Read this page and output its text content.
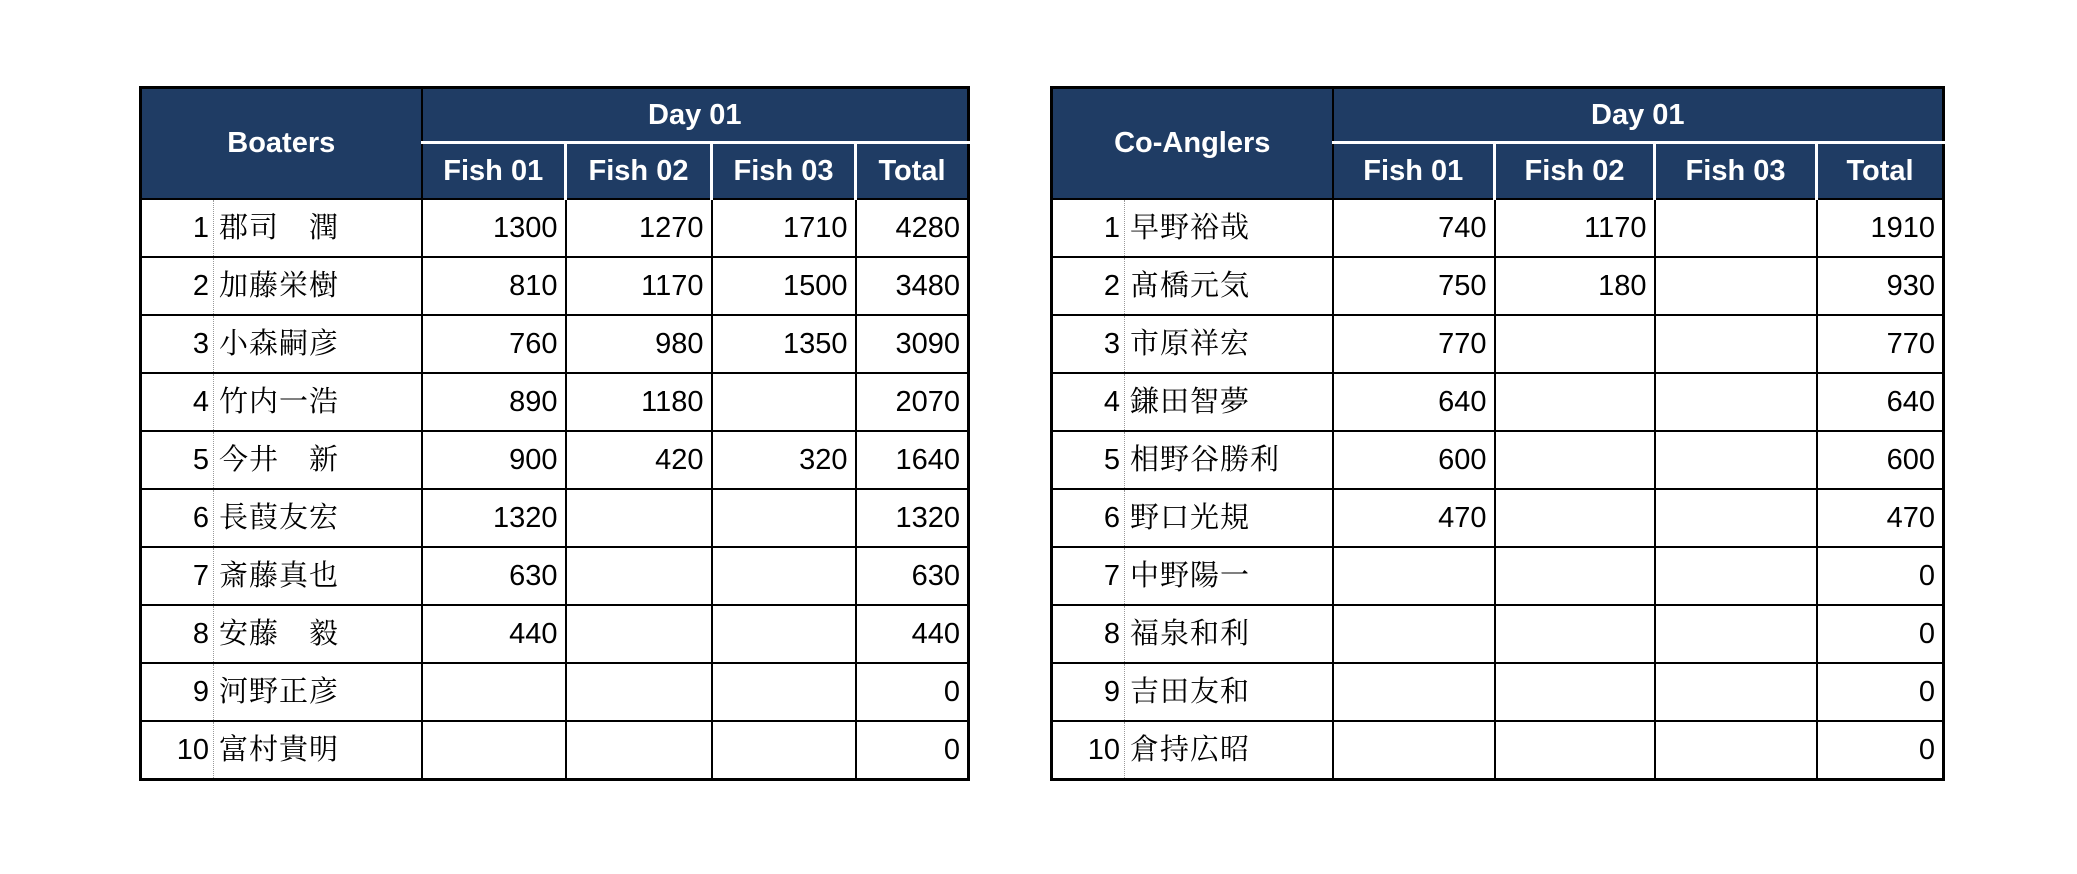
Boaters		Day 01			
		Fish 01	Fish 02	Fish 03	Total
1	郡司　潤	1300	1270	1710	4280
2	加藤栄樹	810	1170	1500	3480
3	小森嗣彦	760	980	1350	3090
4	竹内一浩	890	1180		2070
5	今井　新	900	420	320	1640
6	長葭友宏	1320			1320
7	斎藤真也	630			630
8	安藤　毅	440			440
9	河野正彦				0
10	富村貴明				0
Co-Anglers		Day 01			
		Fish 01	Fish 02	Fish 03	Total
1	早野裕哉	740	1170		1910
2	髙橋元気	750	180		930
3	市原祥宏	770			770
4	鎌田智夢	640			640
5	相野谷勝利	600			600
6	野口光規	470			470
7	中野陽一				0
8	福泉和利				0
9	吉田友和				0
10	倉持広昭				0
